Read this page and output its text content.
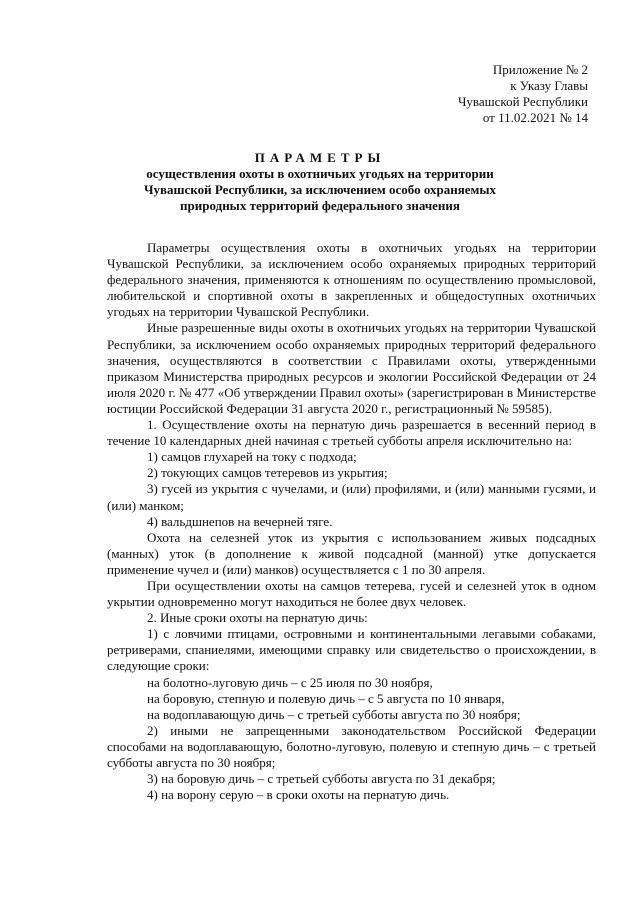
Приложение № 2
к Указу Главы
Чувашской Республики
от 11.02.2021 № 14
ПАРАМЕТРЫ
осуществления охоты в охотничьих угодьях на территории
Чувашской Республики, за исключением особо охраняемых
природных территорий федерального значения

Параметры осуществления охоты в охотничьих угодьях на территории Чувашской Республики, за исключением особо охраняемых природных территорий федерального значения, применяются к отношениям по осуществлению промысловой, любительской и спортивной охоты в закрепленных и общедоступных охотничьих угодьях на территории Чувашской Республики.

Иные разрешенные виды охоты в охотничьих угодьях на территории Чувашской Республики, за исключением особо охраняемых природных территорий федерального значения, осуществляются в соответствии с Правилами охоты, утвержденными приказом Министерства природных ресурсов и экологии Российской Федерации от 24 июля 2020 г. № 477 «Об утверждении Правил охоты» (зарегистрирован в Министерстве юстиции Российской Федерации 31 августа 2020 г., регистрационный № 59585).

1. Осуществление охоты на пернатую дичь разрешается в весенний период в течение 10 календарных дней начиная с третьей субботы апреля исключительно на:

1) самцов глухарей на току с подхода;

2) токующих самцов тетеревов из укрытия;

3) гусей из укрытия с чучелами, и (или) профилями, и (или) манными гусями, и (или) манком;

4) вальдшнепов на вечерней тяге.

Охота на селезней уток из укрытия с использованием живых подсадных (манных) уток (в дополнение к живой подсадной (манной) утке допускается применение чучел и (или) манков) осуществляется с 1 по 30 апреля.

При осуществлении охоты на самцов тетерева, гусей и селезней уток в одном укрытии одновременно могут находиться не более двух человек.

2. Иные сроки охоты на пернатую дичь:

1) с ловчими птицами, островными и континентальными легавыми собаками, ретриверами, спаниелями, имеющими справку или свидетельство о происхождении, в следующие сроки:

на болотно-луговую дичь – с 25 июля по 30 ноября,

на боровую, степную и полевую дичь – с 5 августа по 10 января,

на водоплавающую дичь – с третьей субботы августа по 30 ноября;

2) иными не запрещенными законодательством Российской Федерации способами на водоплавающую, болотно-луговую, полевую и степную дичь – с третьей субботы августа по 30 ноября;

3) на боровую дичь – с третьей субботы августа по 31 декабря;

4) на ворону серую – в сроки охоты на пернатую дичь.
